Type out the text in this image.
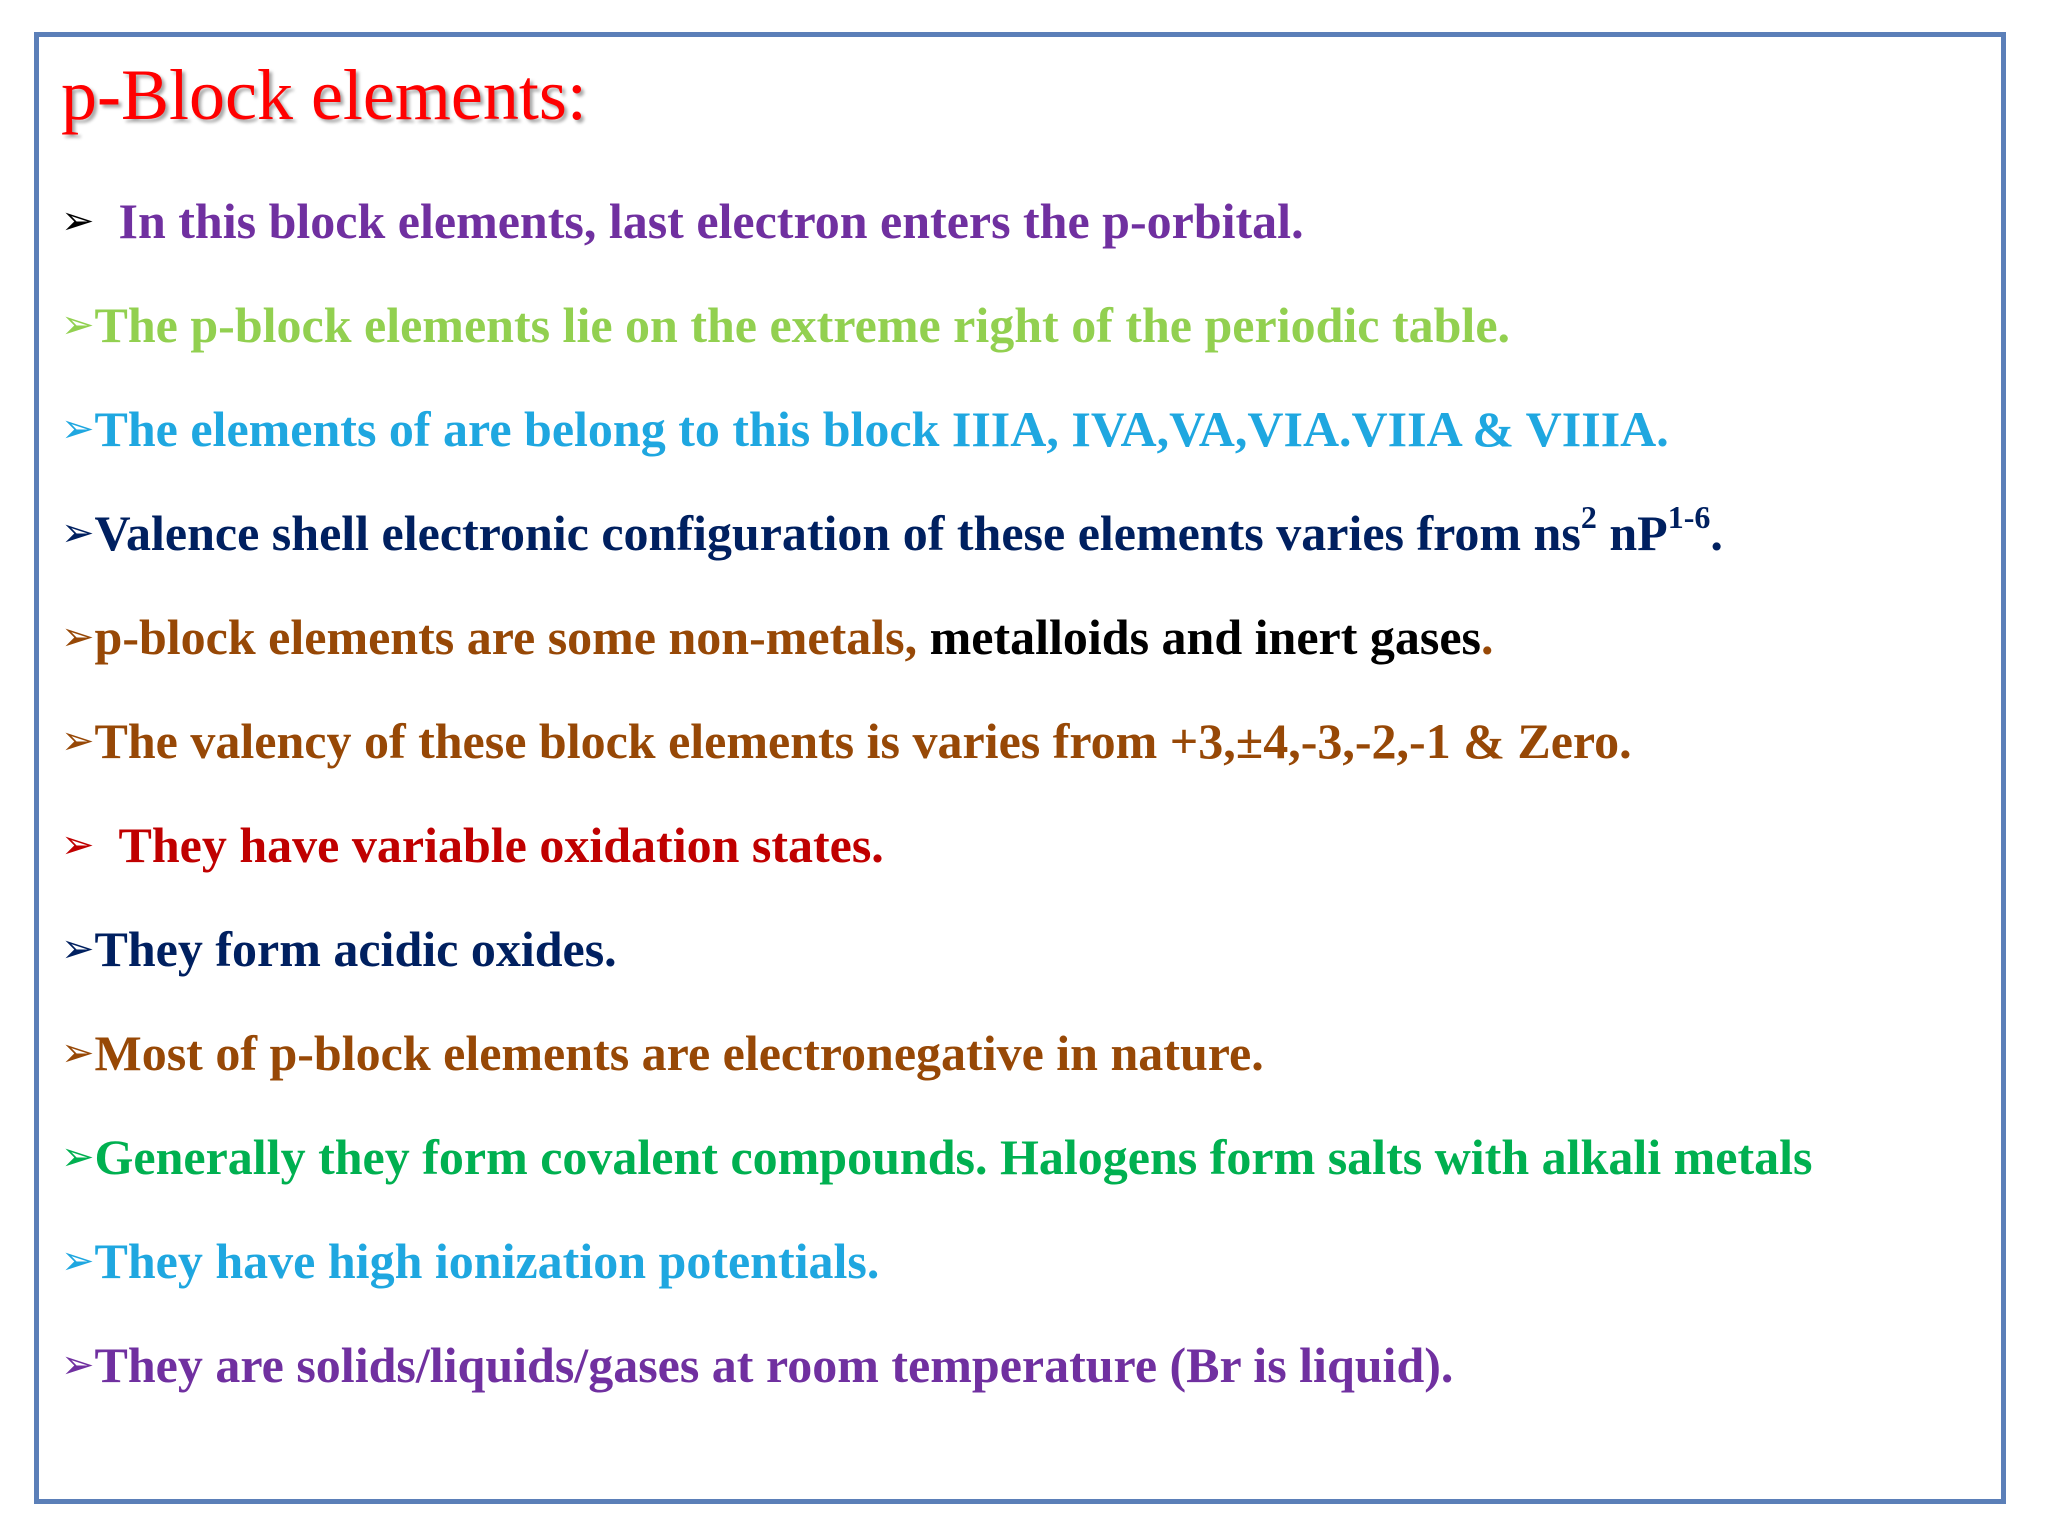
p-Block elements:
➢ In this block elements, last electron enters the p-orbital.
➢The p-block elements lie on the extreme right of the periodic table.
➢The elements of are belong to this block IIIA, IVA,VA,VIA.VIIA & VIIIA.
➢Valence shell electronic configuration of these elements varies from $ns^2$ $nP^{1-6}$.
➢p-block elements are some non-metals, metalloids and inert gases.
➢The valency of these block elements is varies from +3,±4,-3,-2,-1 & Zero.
➢ They have variable oxidation states.
➢They form acidic oxides.
➢Most of p-block elements are electronegative in nature.
➢Generally they form covalent compounds. Halogens form salts with alkali metals
➢They have high ionization potentials.
➢They are solids/liquids/gases at room temperature (Br is liquid).
